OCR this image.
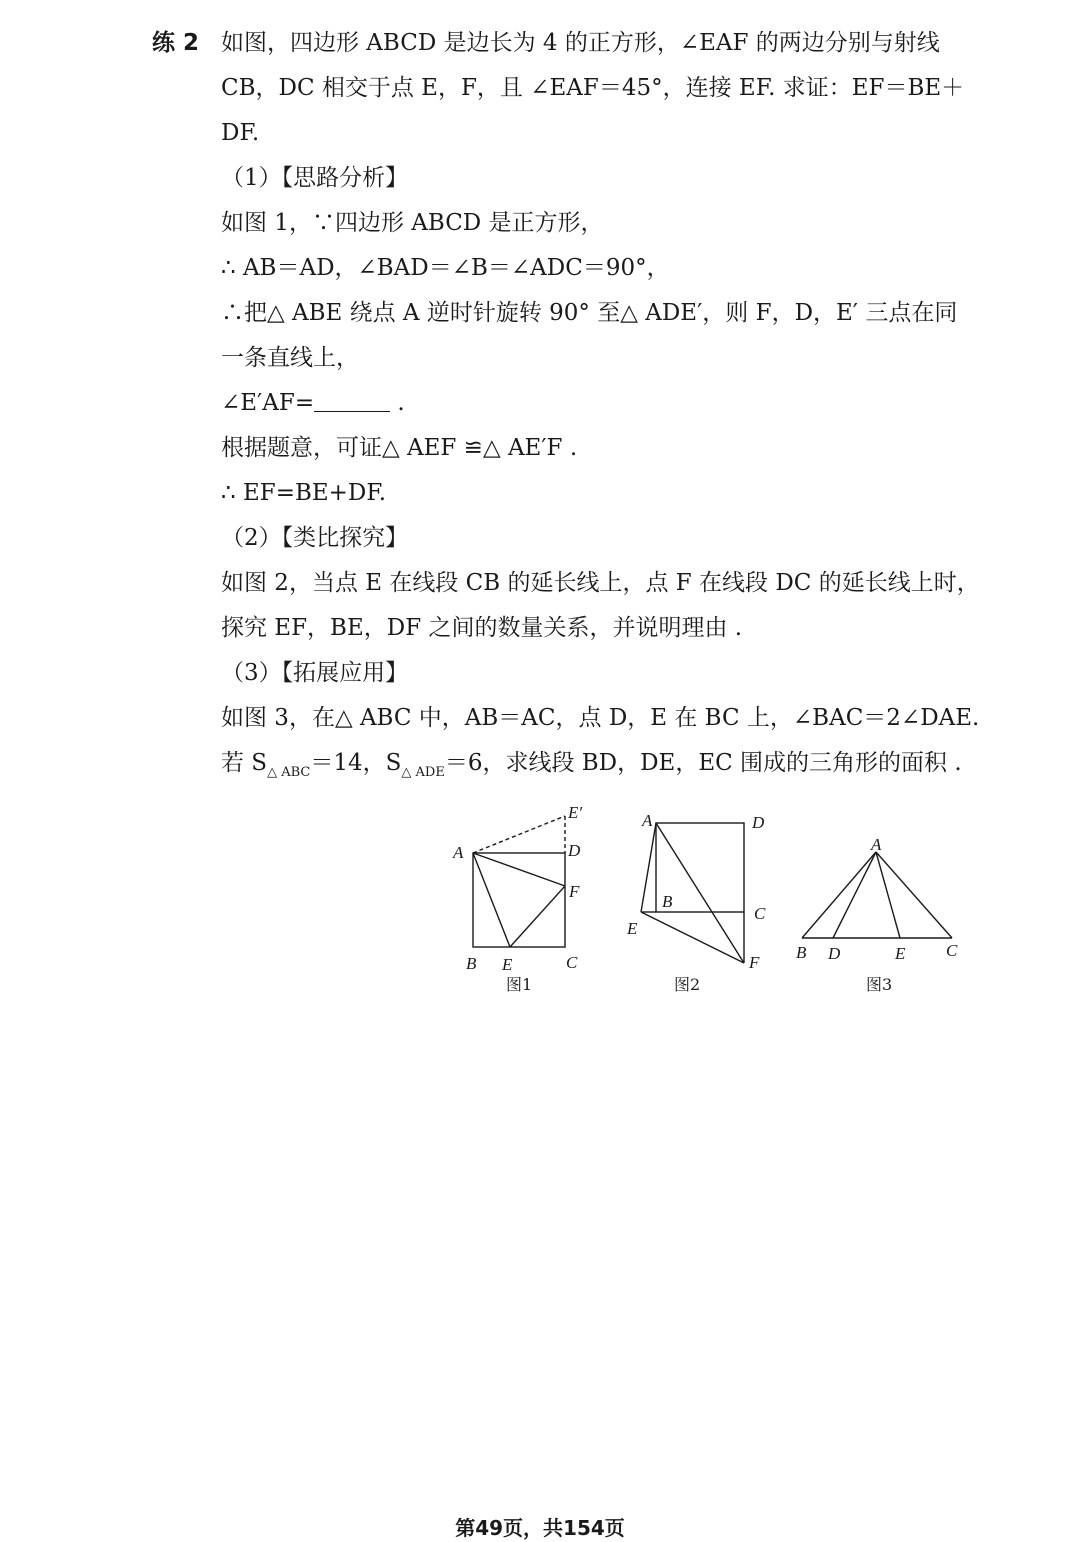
练 2 如图，四边形 ABCD 是边长为 4 的正方形，∠EAF 的两边分别与射线
CB，DC 相交于点 E，F，且 ∠EAF＝45°，连接 EF. 求证：EF＝BE＋
DF.
（1）【思路分析】
如图 1，∵四边形 ABCD 是正方形，
∴ AB＝AD，∠BAD＝∠B＝∠ADC＝90°，
∴把△ ABE 绕点 A 逆时针旋转 90° 至△ ADE′，则 F，D，E′ 三点在同
一条直线上，
∠E′AF=	.
根据题意，可证△ AEF ≌△ AE′F .
∴ EF=BE+DF.
（2）【类比探究】
如图 2，当点 E 在线段 CB 的延长线上，点 F 在线段 DC 的延长线上时，
探究 EF，BE，DF 之间的数量关系，并说明理由 .
（3）【拓展应用】
如图 3，在△ ABC 中，AB＝AC，点 D，E 在 BC 上，∠BAC＝2∠DAE.
若 $S_{\triangle ABC}=14$，$S_{\triangle ADE}=6$，求线段 BD，DE，EC 围成的三角形的面积 .
A
B E	C
D
F
E′
图1
A	D
B
C
E
F
图2
A
B D	E C
图3
第49页，共154页
